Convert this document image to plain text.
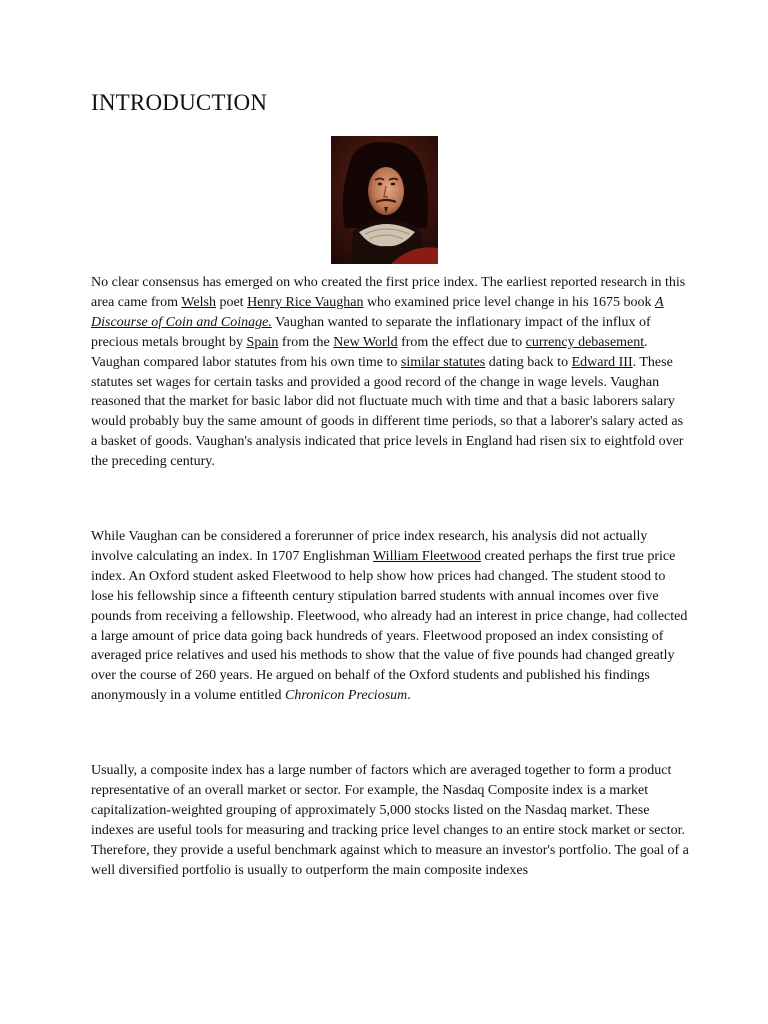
INTRODUCTION

No clear consensus has emerged on who created the first price index. The earliest reported research in this area came from Welsh poet Henry Rice Vaughan who examined price level change in his 1675 book A Discourse of Coin and Coinage. Vaughan wanted to separate the inflationary impact of the influx of precious metals brought by Spain from the New World from the effect due to currency debasement. Vaughan compared labor statutes from his own time to similar statutes dating back to Edward III. These statutes set wages for certain tasks and provided a good record of the change in wage levels. Vaughan reasoned that the market for basic labor did not fluctuate much with time and that a basic laborers salary would probably buy the same amount of goods in different time periods, so that a laborer's salary acted as a basket of goods. Vaughan's analysis indicated that price levels in England had risen six to eightfold over the preceding century.

While Vaughan can be considered a forerunner of price index research, his analysis did not actually involve calculating an index. In 1707 Englishman William Fleetwood created perhaps the first true price index. An Oxford student asked Fleetwood to help show how prices had changed. The student stood to lose his fellowship since a fifteenth century stipulation barred students with annual incomes over five pounds from receiving a fellowship. Fleetwood, who already had an interest in price change, had collected a large amount of price data going back hundreds of years. Fleetwood proposed an index consisting of averaged price relatives and used his methods to show that the value of five pounds had changed greatly over the course of 260 years. He argued on behalf of the Oxford students and published his findings anonymously in a volume entitled Chronicon Preciosum.

Usually, a composite index has a large number of factors which are averaged together to form a product representative of an overall market or sector. For example, the Nasdaq Composite index is a market capitalization-weighted grouping of approximately 5,000 stocks listed on the Nasdaq market. These indexes are useful tools for measuring and tracking price level changes to an entire stock market or sector. Therefore, they provide a useful benchmark against which to measure an investor's portfolio. The goal of a well diversified portfolio is usually to outperform the main composite indexes
